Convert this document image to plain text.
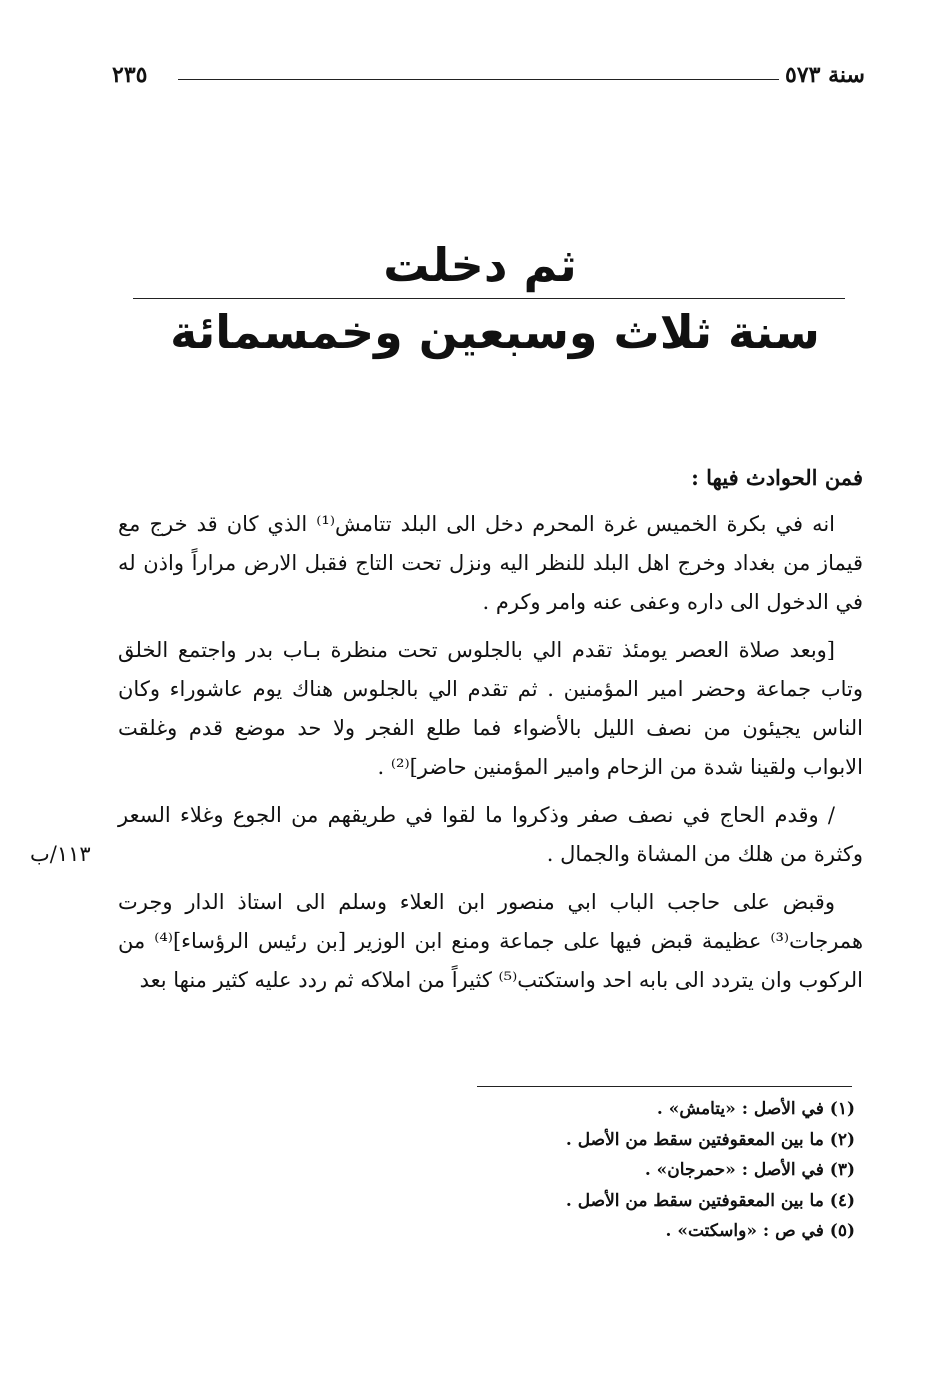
سنة ٥٧٣
٢٣٥
ثم دخلت
سنة ثلاث وسبعين وخمسمائة

فمن الحوادث فيها :

انه في بكرة الخميس غرة المحرم دخل الى البلد تتامش⁽¹⁾ الذي كان قد خرج مع قيماز من بغداد وخرج اهل البلد للنظر اليه ونزل تحت التاج فقبل الارض مراراً واذن له في الدخول الى داره وعفى عنه وامر وكرم .

[وبعد صلاة العصر يومئذ تقدم الي بالجلوس تحت منظرة بـاب بدر واجتمع الخلق وتاب جماعة وحضر امير المؤمنين . ثم تقدم الي بالجلوس هناك يوم عاشوراء وكان الناس يجيئون من نصف الليل بالأضواء فما طلع الفجر ولا حد موضع قدم وغلقت الابواب ولقينا شدة من الزحام وامير المؤمنين حاضر]⁽²⁾ .

/ وقدم الحاج في نصف صفر وذكروا ما لقوا في طريقهم من الجوع وغلاء السعر وكثرة من هلك من المشاة والجمال .

وقبض على حاجب الباب ابي منصور ابن العلاء وسلم الى استاذ الدار وجرت همرجات⁽³⁾ عظيمة قبض فيها على جماعة ومنع ابن الوزير [بن رئيس الرؤساء]⁽⁴⁾ من الركوب وان يتردد الى بابه احد واستكتب⁽⁵⁾ كثيراً من املاكه ثم ردد عليه كثير منها بعد

١١٣/ب

(١) في الأصل : «يتامش» .

(٢) ما بين المعقوفتين سقط من الأصل .

(٣) في الأصل : «حمرجان» .

(٤) ما بين المعقوفتين سقط من الأصل .

(٥) في ص : «واسكتت» .
